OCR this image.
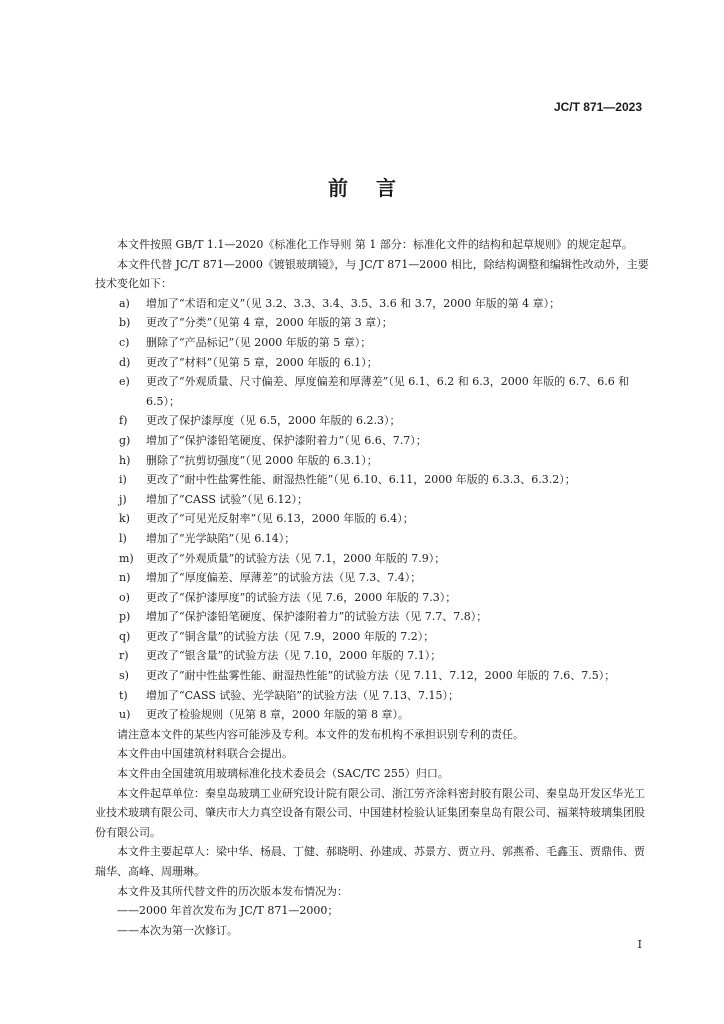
JC/T 871—2023
前言

本文件按照 GB/T 1.1—2020《标准化工作导则 第 1 部分：标准化文件的结构和起草规则》的规定起草。

本文件代替 JC/T 871—2000《镀银玻璃镜》，与 JC/T 871—2000 相比，除结构调整和编辑性改动外，主要技术变化如下：

a)	增加了“术语和定义”（见 3.2、3.3、3.4、3.5、3.6 和 3.7，2000 年版的第 4 章）；
b)	更改了“分类”（见第 4 章，2000 年版的第 3 章）；
c)	删除了“产品标记”（见 2000 年版的第 5 章）；
d)	更改了“材料”（见第 5 章，2000 年版的 6.1）；
e)	更改了“外观质量、尺寸偏差、厚度偏差和厚薄差”（见 6.1、6.2 和 6.3，2000 年版的 6.7、6.6 和 6.5）；
f)	更改了保护漆厚度（见 6.5，2000 年版的 6.2.3）；
g)	增加了“保护漆铅笔硬度、保护漆附着力”（见 6.6、7.7）；
h)	删除了“抗剪切强度”（见 2000 年版的 6.3.1）；
i)	更改了“耐中性盐雾性能、耐湿热性能”（见 6.10、6.11，2000 年版的 6.3.3、6.3.2）；
j)	增加了“CASS 试验”（见 6.12）；
k)	更改了“可见光反射率”（见 6.13，2000 年版的 6.4）；
l)	增加了“光学缺陷”（见 6.14）；
m)	更改了“外观质量”的试验方法（见 7.1，2000 年版的 7.9）；
n)	增加了“厚度偏差、厚薄差”的试验方法（见 7.3、7.4）；
o)	更改了“保护漆厚度”的试验方法（见 7.6，2000 年版的 7.3）；
p)	增加了“保护漆铅笔硬度、保护漆附着力”的试验方法（见 7.7、7.8）；
q)	更改了“铜含量”的试验方法（见 7.9，2000 年版的 7.2）；
r)	更改了“银含量”的试验方法（见 7.10，2000 年版的 7.1）；
s)	更改了“耐中性盐雾性能、耐湿热性能”的试验方法（见 7.11、7.12，2000 年版的 7.6、7.5）；
t)	增加了“CASS 试验、光学缺陷”的试验方法（见 7.13、7.15）；
u)	更改了检验规则（见第 8 章，2000 年版的第 8 章）。

请注意本文件的某些内容可能涉及专利。本文件的发布机构不承担识别专利的责任。

本文件由中国建筑材料联合会提出。

本文件由全国建筑用玻璃标准化技术委员会（SAC/TC 255）归口。

本文件起草单位：秦皇岛玻璃工业研究设计院有限公司、浙江劳齐涂料密封胶有限公司、秦皇岛开发区华光工业技术玻璃有限公司、肇庆市大力真空设备有限公司、中国建材检验认证集团秦皇岛有限公司、福莱特玻璃集团股份有限公司。

本文件主要起草人：梁中华、杨晨、丁健、郝晓明、孙建成、苏景方、贾立丹、郭燕希、毛鑫玉、贾鼎伟、贾瑞华、高峰、周珊琳。

本文件及其所代替文件的历次版本发布情况为：

——2000 年首次发布为 JC/T 871—2000；

——本次为第一次修订。

I
